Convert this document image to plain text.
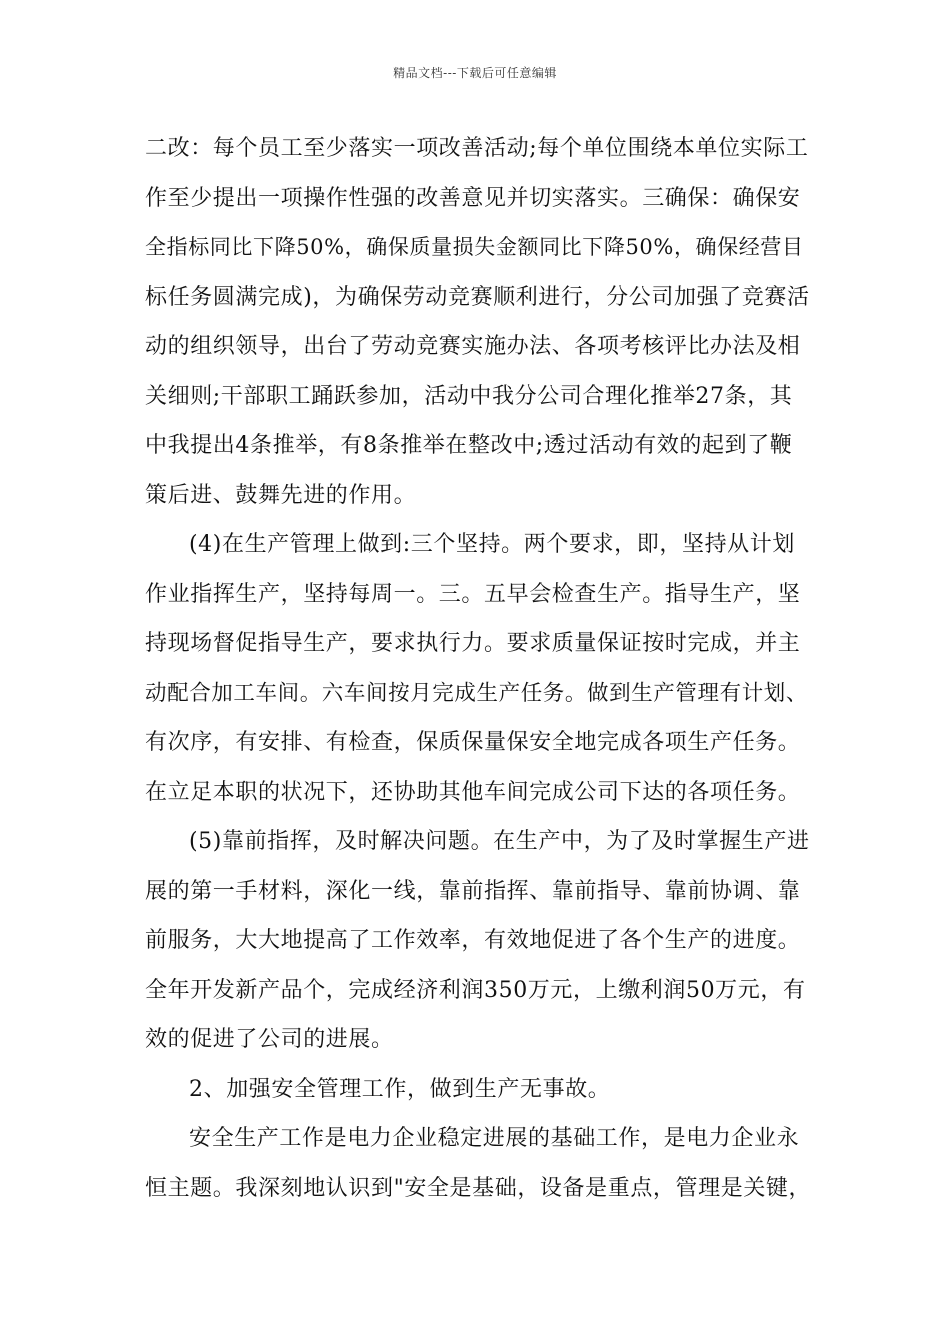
精品文档---下载后可任意编辑
二改：每个员工至少落实一项改善活动;每个单位围绕本单位实际工
作至少提出一项操作性强的改善意见并切实落实。三确保：确保安
全指标同比下降50%，确保质量损失金额同比下降50%，确保经营目
标任务圆满完成)，为确保劳动竞赛顺利进行，分公司加强了竞赛活
动的组织领导，出台了劳动竞赛实施办法、各项考核评比办法及相
关细则;干部职工踊跃参加，活动中我分公司合理化推举27条，其
中我提出4条推举，有8条推举在整改中;透过活动有效的起到了鞭
策后进、鼓舞先进的作用。
(4)在生产管理上做到:三个坚持。两个要求，即，坚持从计划
作业指挥生产，坚持每周一。三。五早会检查生产。指导生产，坚
持现场督促指导生产，要求执行力。要求质量保证按时完成，并主
动配合加工车间。六车间按月完成生产任务。做到生产管理有计划、
有次序，有安排、有检查，保质保量保安全地完成各项生产任务。
在立足本职的状况下，还协助其他车间完成公司下达的各项任务。
(5)靠前指挥，及时解决问题。在生产中，为了及时掌握生产进
展的第一手材料，深化一线，靠前指挥、靠前指导、靠前协调、靠
前服务，大大地提高了工作效率，有效地促进了各个生产的进度。
全年开发新产品个，完成经济利润350万元，上缴利润50万元，有
效的促进了公司的进展。
2、加强安全管理工作，做到生产无事故。
安全生产工作是电力企业稳定进展的基础工作，是电力企业永
恒主题。我深刻地认识到"安全是基础，设备是重点，管理是关键，
